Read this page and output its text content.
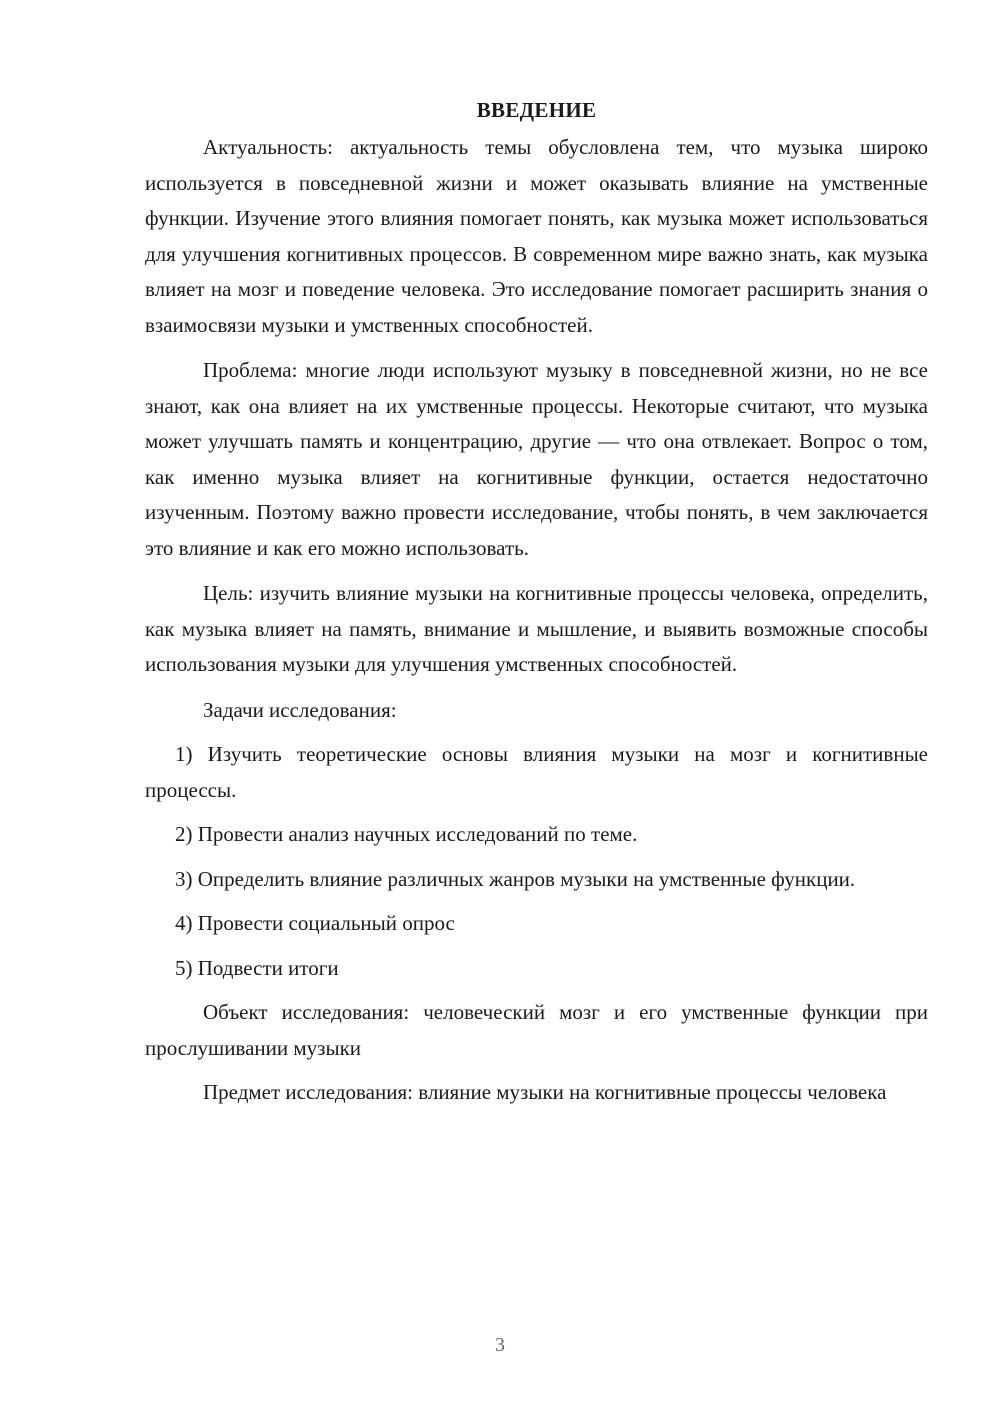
ВВЕДЕНИЕ

Актуальность: актуальность темы обусловлена тем, что музыка широко используется в повседневной жизни и может оказывать влияние на умственные функции. Изучение этого влияния помогает понять, как музыка может использоваться для улучшения когнитивных процессов. В современном мире важно знать, как музыка влияет на мозг и поведение человека. Это исследование помогает расширить знания о взаимосвязи музыки и умственных способностей.

Проблема: многие люди используют музыку в повседневной жизни, но не все знают, как она влияет на их умственные процессы. Некоторые считают, что музыка может улучшать память и концентрацию, другие — что она отвлекает. Вопрос о том, как именно музыка влияет на когнитивные функции, остается недостаточно изученным. Поэтому важно провести исследование, чтобы понять, в чем заключается это влияние и как его можно использовать.

Цель: изучить влияние музыки на когнитивные процессы человека, определить, как музыка влияет на память, внимание и мышление, и выявить возможные способы использования музыки для улучшения умственных способностей.

Задачи исследования:

1) Изучить теоретические основы влияния музыки на мозг и когнитивные процессы.

2) Провести анализ научных исследований по теме.

3) Определить влияние различных жанров музыки на умственные функции.

4) Провести социальный опрос

5) Подвести итоги

Объект исследования: человеческий мозг и его умственные функции при прослушивании музыки

Предмет исследования: влияние музыки на когнитивные процессы человека

3
